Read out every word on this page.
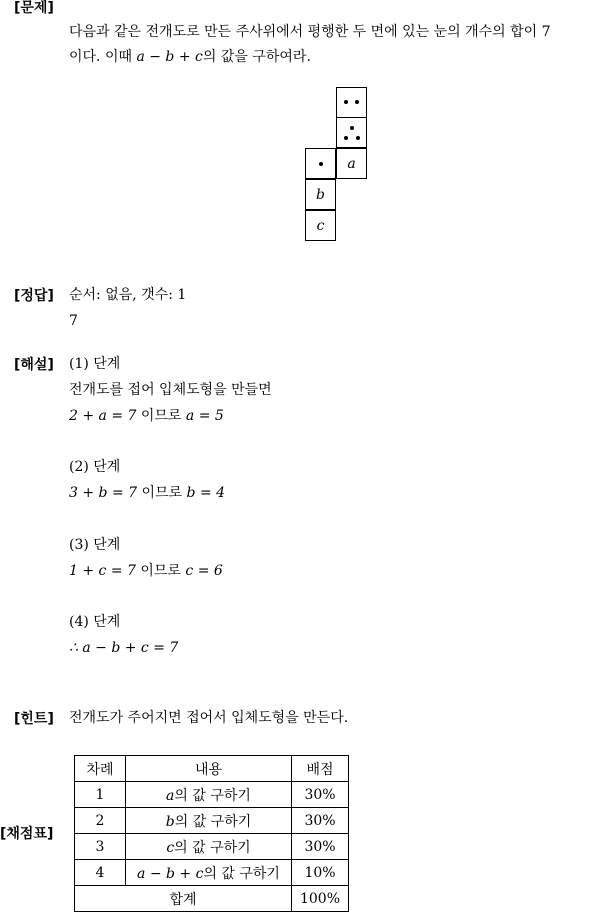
[문제]
다음과 같은 전개도로 만든 주사위에서 평행한 두 면에 있는 눈의 개수의 합이 7
이다. 이때 a − b + c의 값을 구하여라.
a
b
c
[정답] 순서: 없음, 갯수: 1
7
[해설] (1) 단계
전개도를 접어 입체도형을 만들면
2 + a = 7 이므로 a = 5
(2) 단계
3 + b = 7 이므로 b = 4
(3) 단계
1 + c = 7 이므로 c = 6
(4) 단계
∴ a − b + c = 7
[힌트] 전개도가 주어지면 접어서 입체도형을 만든다.
[채점표]
차례	내용	배점
1	a의 값 구하기	30%
2	b의 값 구하기	30%
3	c의 값 구하기	30%
4	a − b + c의 값 구하기	10%
합계		100%
